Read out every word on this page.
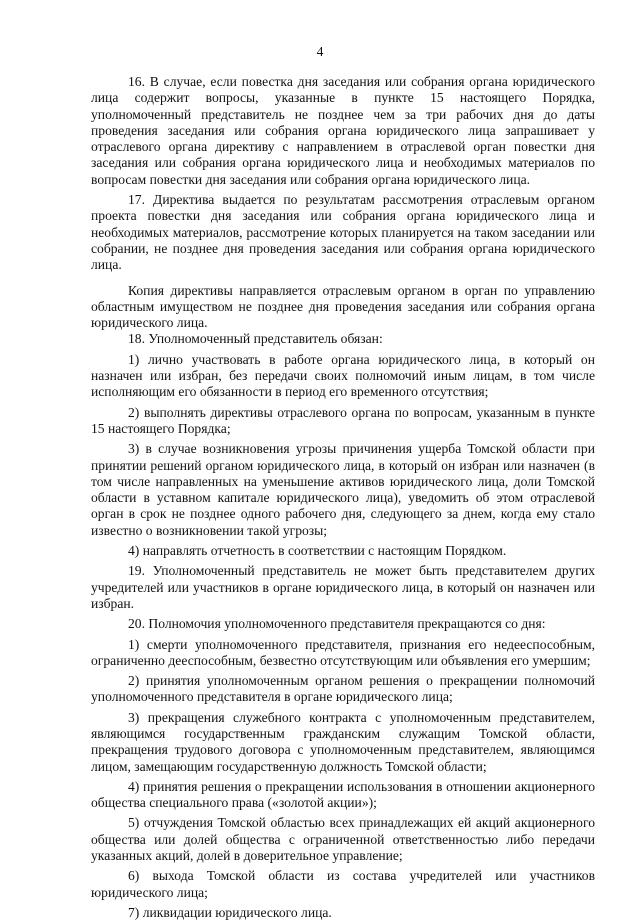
4

16. В случае, если повестка дня заседания или собрания органа юридического лица содержит вопросы, указанные в пункте 15 настоящего Порядка, уполномоченный представитель не позднее чем за три рабочих дня до даты проведения заседания или собрания органа юридического лица запрашивает у отраслевого органа директиву с направлением в отраслевой орган повестки дня заседания или собрания органа юридического лица и необходимых материалов по вопросам повестки дня заседания или собрания органа юридического лица.

17. Директива выдается по результатам рассмотрения отраслевым органом проекта повестки дня заседания или собрания органа юридического лица и необходимых материалов, рассмотрение которых планируется на таком заседании или собрании, не позднее дня проведения заседания или собрания органа юридического лица.

Копия директивы направляется отраслевым органом в орган по управлению областным имуществом не позднее дня проведения заседания или собрания органа юридического лица.

18. Уполномоченный представитель обязан:

1) лично участвовать в работе органа юридического лица, в который он назначен или избран, без передачи своих полномочий иным лицам, в том числе исполняющим его обязанности в период его временного отсутствия;

2) выполнять директивы отраслевого органа по вопросам, указанным в пункте 15 настоящего Порядка;

3) в случае возникновения угрозы причинения ущерба Томской области при принятии решений органом юридического лица, в который он избран или назначен (в том числе направленных на уменьшение активов юридического лица, доли Томской области в уставном капитале юридического лица), уведомить об этом отраслевой орган в срок не позднее одного рабочего дня, следующего за днем, когда ему стало известно о возникновении такой угрозы;

4) направлять отчетность в соответствии с настоящим Порядком.

19. Уполномоченный представитель не может быть представителем других учредителей или участников в органе юридического лица, в который он назначен или избран.

20. Полномочия уполномоченного представителя прекращаются со дня:

1) смерти уполномоченного представителя, признания его недееспособным, ограниченно дееспособным, безвестно отсутствующим или объявления его умершим;

2) принятия уполномоченным органом решения о прекращении полномочий уполномоченного представителя в органе юридического лица;

3) прекращения служебного контракта с уполномоченным представителем, являющимся государственным гражданским служащим Томской области, прекращения трудового договора с уполномоченным представителем, являющимся лицом, замещающим государственную должность Томской области;

4) принятия решения о прекращении использования в отношении акционерного общества специального права («золотой акции»);

5) отчуждения Томской областью всех принадлежащих ей акций акционерного общества или долей общества с ограниченной ответственностью либо передачи указанных акций, долей в доверительное управление;

6) выхода Томской области из состава учредителей или участников юридического лица;

7) ликвидации юридического лица.
